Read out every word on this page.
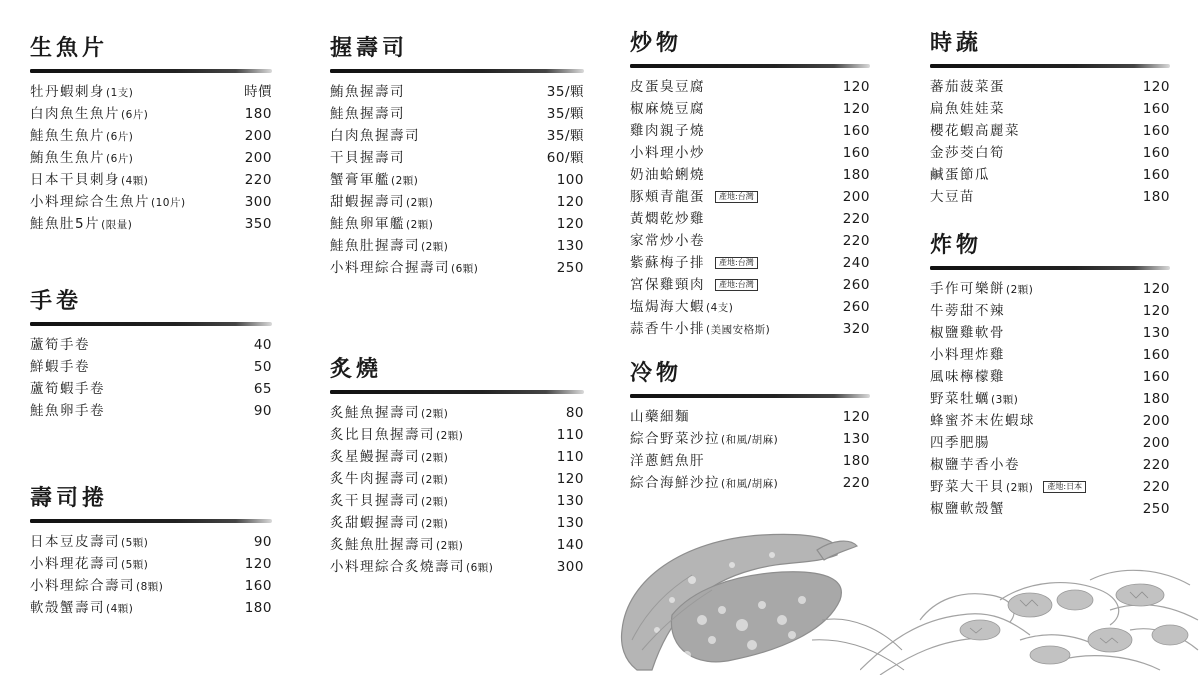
生魚片
牡丹蝦刺身(1支)	時價
白肉魚生魚片(6片)	180
鮭魚生魚片(6片)	200
鮪魚生魚片(6片)	200
日本干貝刺身(4顆)	220
小料理綜合生魚片(10片)	300
鮭魚肚5片(限量)	350
手卷
蘆筍手卷	40
鮮蝦手卷	50
蘆筍蝦手卷	65
鮭魚卵手卷	90
壽司捲
日本豆皮壽司(5顆)	90
小料理花壽司(5顆)	120
小料理綜合壽司(8顆)	160
軟殼蟹壽司(4顆)	180
握壽司
鮪魚握壽司	35/顆
鮭魚握壽司	35/顆
白肉魚握壽司	35/顆
干貝握壽司	60/顆
蟹膏軍艦(2顆)	100
甜蝦握壽司(2顆)	120
鮭魚卵軍艦(2顆)	120
鮭魚肚握壽司(2顆)	130
小料理綜合握壽司(6顆)	250
炙燒
炙鮭魚握壽司(2顆)	80
炙比目魚握壽司(2顆)	110
炙星鰻握壽司(2顆)	110
炙牛肉握壽司(2顆)	120
炙干貝握壽司(2顆)	130
炙甜蝦握壽司(2顆)	130
炙鮭魚肚握壽司(2顆)	140
小料理綜合炙燒壽司(6顆)	300
炒物
皮蛋臭豆腐	120
椒麻燒豆腐	120
雞肉親子燒	160
小料理小炒	160
奶油蛤蜊燒	180
豚頰青龍蛋 產地:台灣	200
黃燜乾炒雞	220
家常炒小卷	220
紫蘇梅子排 產地:台灣	240
宮保雞頸肉 產地:台灣	260
塩焗海大蝦(4支)	260
蒜香牛小排(美國安格斯)	320
冷物
山藥細麵	120
綜合野菜沙拉(和風/胡麻)	130
洋蔥鱈魚肝	180
綜合海鮮沙拉(和風/胡麻)	220
時蔬
蕃茄菠菜蛋	120
扁魚娃娃菜	160
櫻花蝦高麗菜	160
金莎茭白筍	160
鹹蛋節瓜	160
大豆苗	180
炸物
手作可樂餅(2顆)	120
牛蒡甜不辣	120
椒鹽雞軟骨	130
小料理炸雞	160
風味檸檬雞	160
野菜牡蠣(3顆)	180
蜂蜜芥末佐蝦球	200
四季肥腸	200
椒鹽芋香小卷	220
野菜大干貝(2顆) 產地:日本	220
椒鹽軟殼蟹	250
